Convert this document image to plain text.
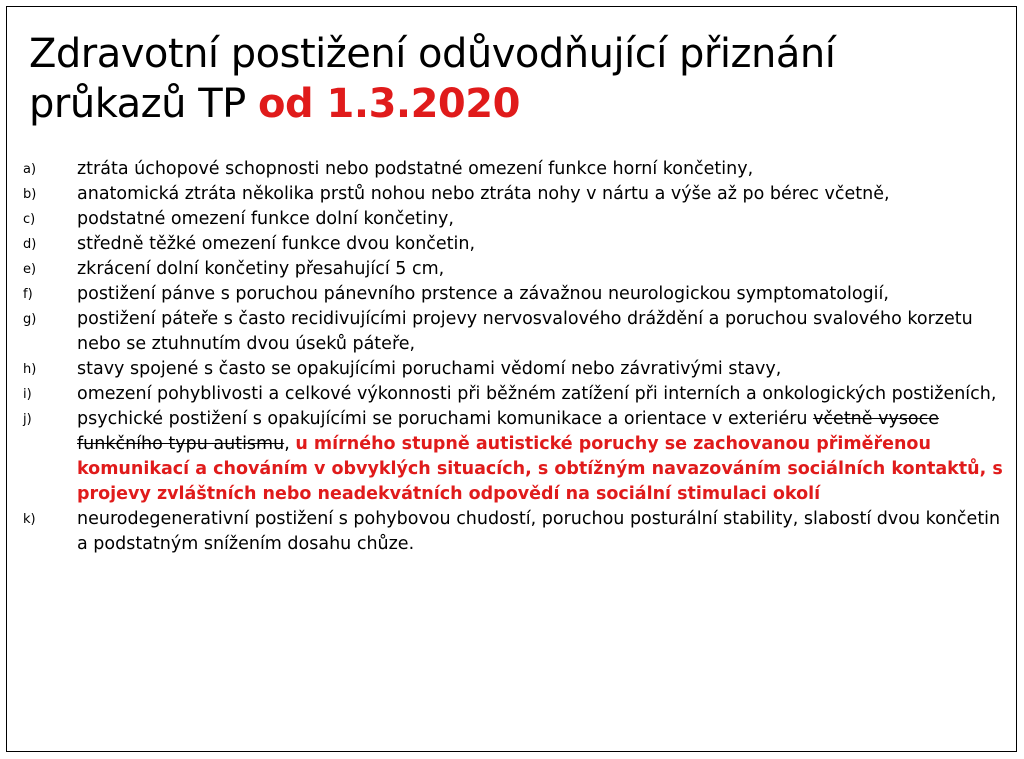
Zdravotní postižení odůvodňující přiznání
průkazů TP od 1.3.2020
a)	ztráta úchopové schopnosti nebo podstatné omezení funkce horní končetiny,
b)	anatomická ztráta několika prstů nohou nebo ztráta nohy v nártu a výše až po bérec včetně,
c)	podstatné omezení funkce dolní končetiny,
d)	středně těžké omezení funkce dvou končetin,
e)	zkrácení dolní končetiny přesahující 5 cm,
f)	postižení pánve s poruchou pánevního prstence a závažnou neurologickou symptomatologií,
g)	postižení páteře s často recidivujícími projevy nervosvalového dráždění a poruchou svalového korzetu nebo se ztuhnutím dvou úseků páteře,
h)	stavy spojené s často se opakujícími poruchami vědomí nebo závrativými stavy,
i)	omezení pohyblivosti a celkové výkonnosti při běžném zatížení při interních a onkologických postiženích,
j)	psychické postižení s opakujícími se poruchami komunikace a orientace v exteriéru včetně vysoce funkčního typu autismu, u mírného stupně autistické poruchy se zachovanou přiměřenou komunikací a chováním v obvyklých situacích, s obtížným navazováním sociálních kontaktů, s projevy zvláštních nebo neadekvátních odpovědí na sociální stimulaci okolí
k)	neurodegenerativní postižení s pohybovou chudostí, poruchou posturální stability, slabostí dvou končetin a podstatným snížením dosahu chůze.
